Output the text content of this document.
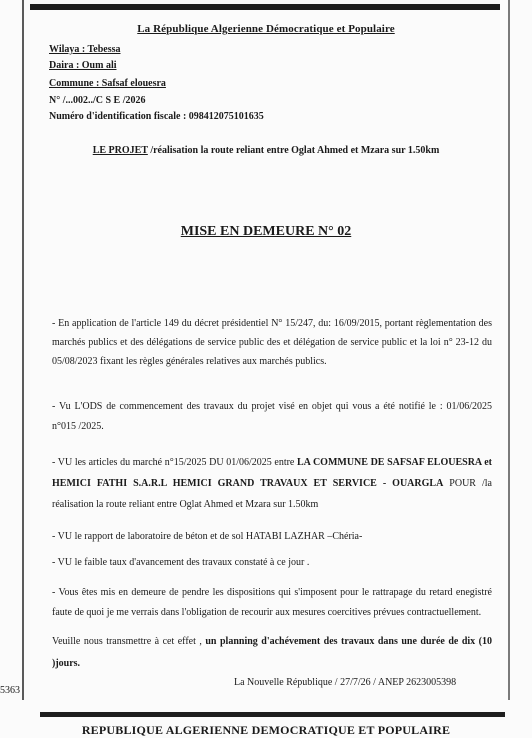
La République Algerienne Démocratique et Populaire
Wilaya : Tebessa
Daira : Oum ali
Commune : Safsaf elouesra
N° /...002../C S E /2026
Numéro d'identification fiscale : 098412075101635
LE PROJET /réalisation la route reliant entre Oglat Ahmed et Mzara sur 1.50km
MISE EN DEMEURE N° 02
- En application de l'article 149 du décret présidentiel N° 15/247, du: 16/09/2015, portant règlementation des marchés publics et des délégations de service public des et délégation de service public et la loi n° 23-12 du 05/08/2023 fixant les règles générales relatives aux marchés publics.
- Vu L'ODS de commencement des travaux du projet visé en objet qui vous a été notifié le : 01/06/2025 n°015 /2025.
- VU les articles du marché n°15/2025 DU 01/06/2025 entre LA COMMUNE DE SAFSAF ELOUESRA et HEMICI FATHI S.A.R.L HEMICI GRAND TRAVAUX ET SERVICE - OUARGLA POUR /la réalisation la route reliant entre Oglat Ahmed et Mzara sur 1.50km
- VU le rapport de laboratoire de béton et de sol HATABI LAZHAR –Chéria-
- VU le faible taux d'avancement des travaux constaté à ce jour .
- Vous êtes mis en demeure de pendre les dispositions qui s'imposent pour le rattrapage du retard enegistré faute de quoi je me verrais dans l'obligation de recourir aux mesures coercitives prévues contractuellement.
Veuille nous transmettre à cet effet , un planning d'achévement des travaux dans une durée de dix (10 )jours.
La Nouvelle République / 27/7/26 / ANEP 2623005398
5363
REPUBLIQUE ALGERIENNE DEMOCRATIQUE ET POPULAIRE
